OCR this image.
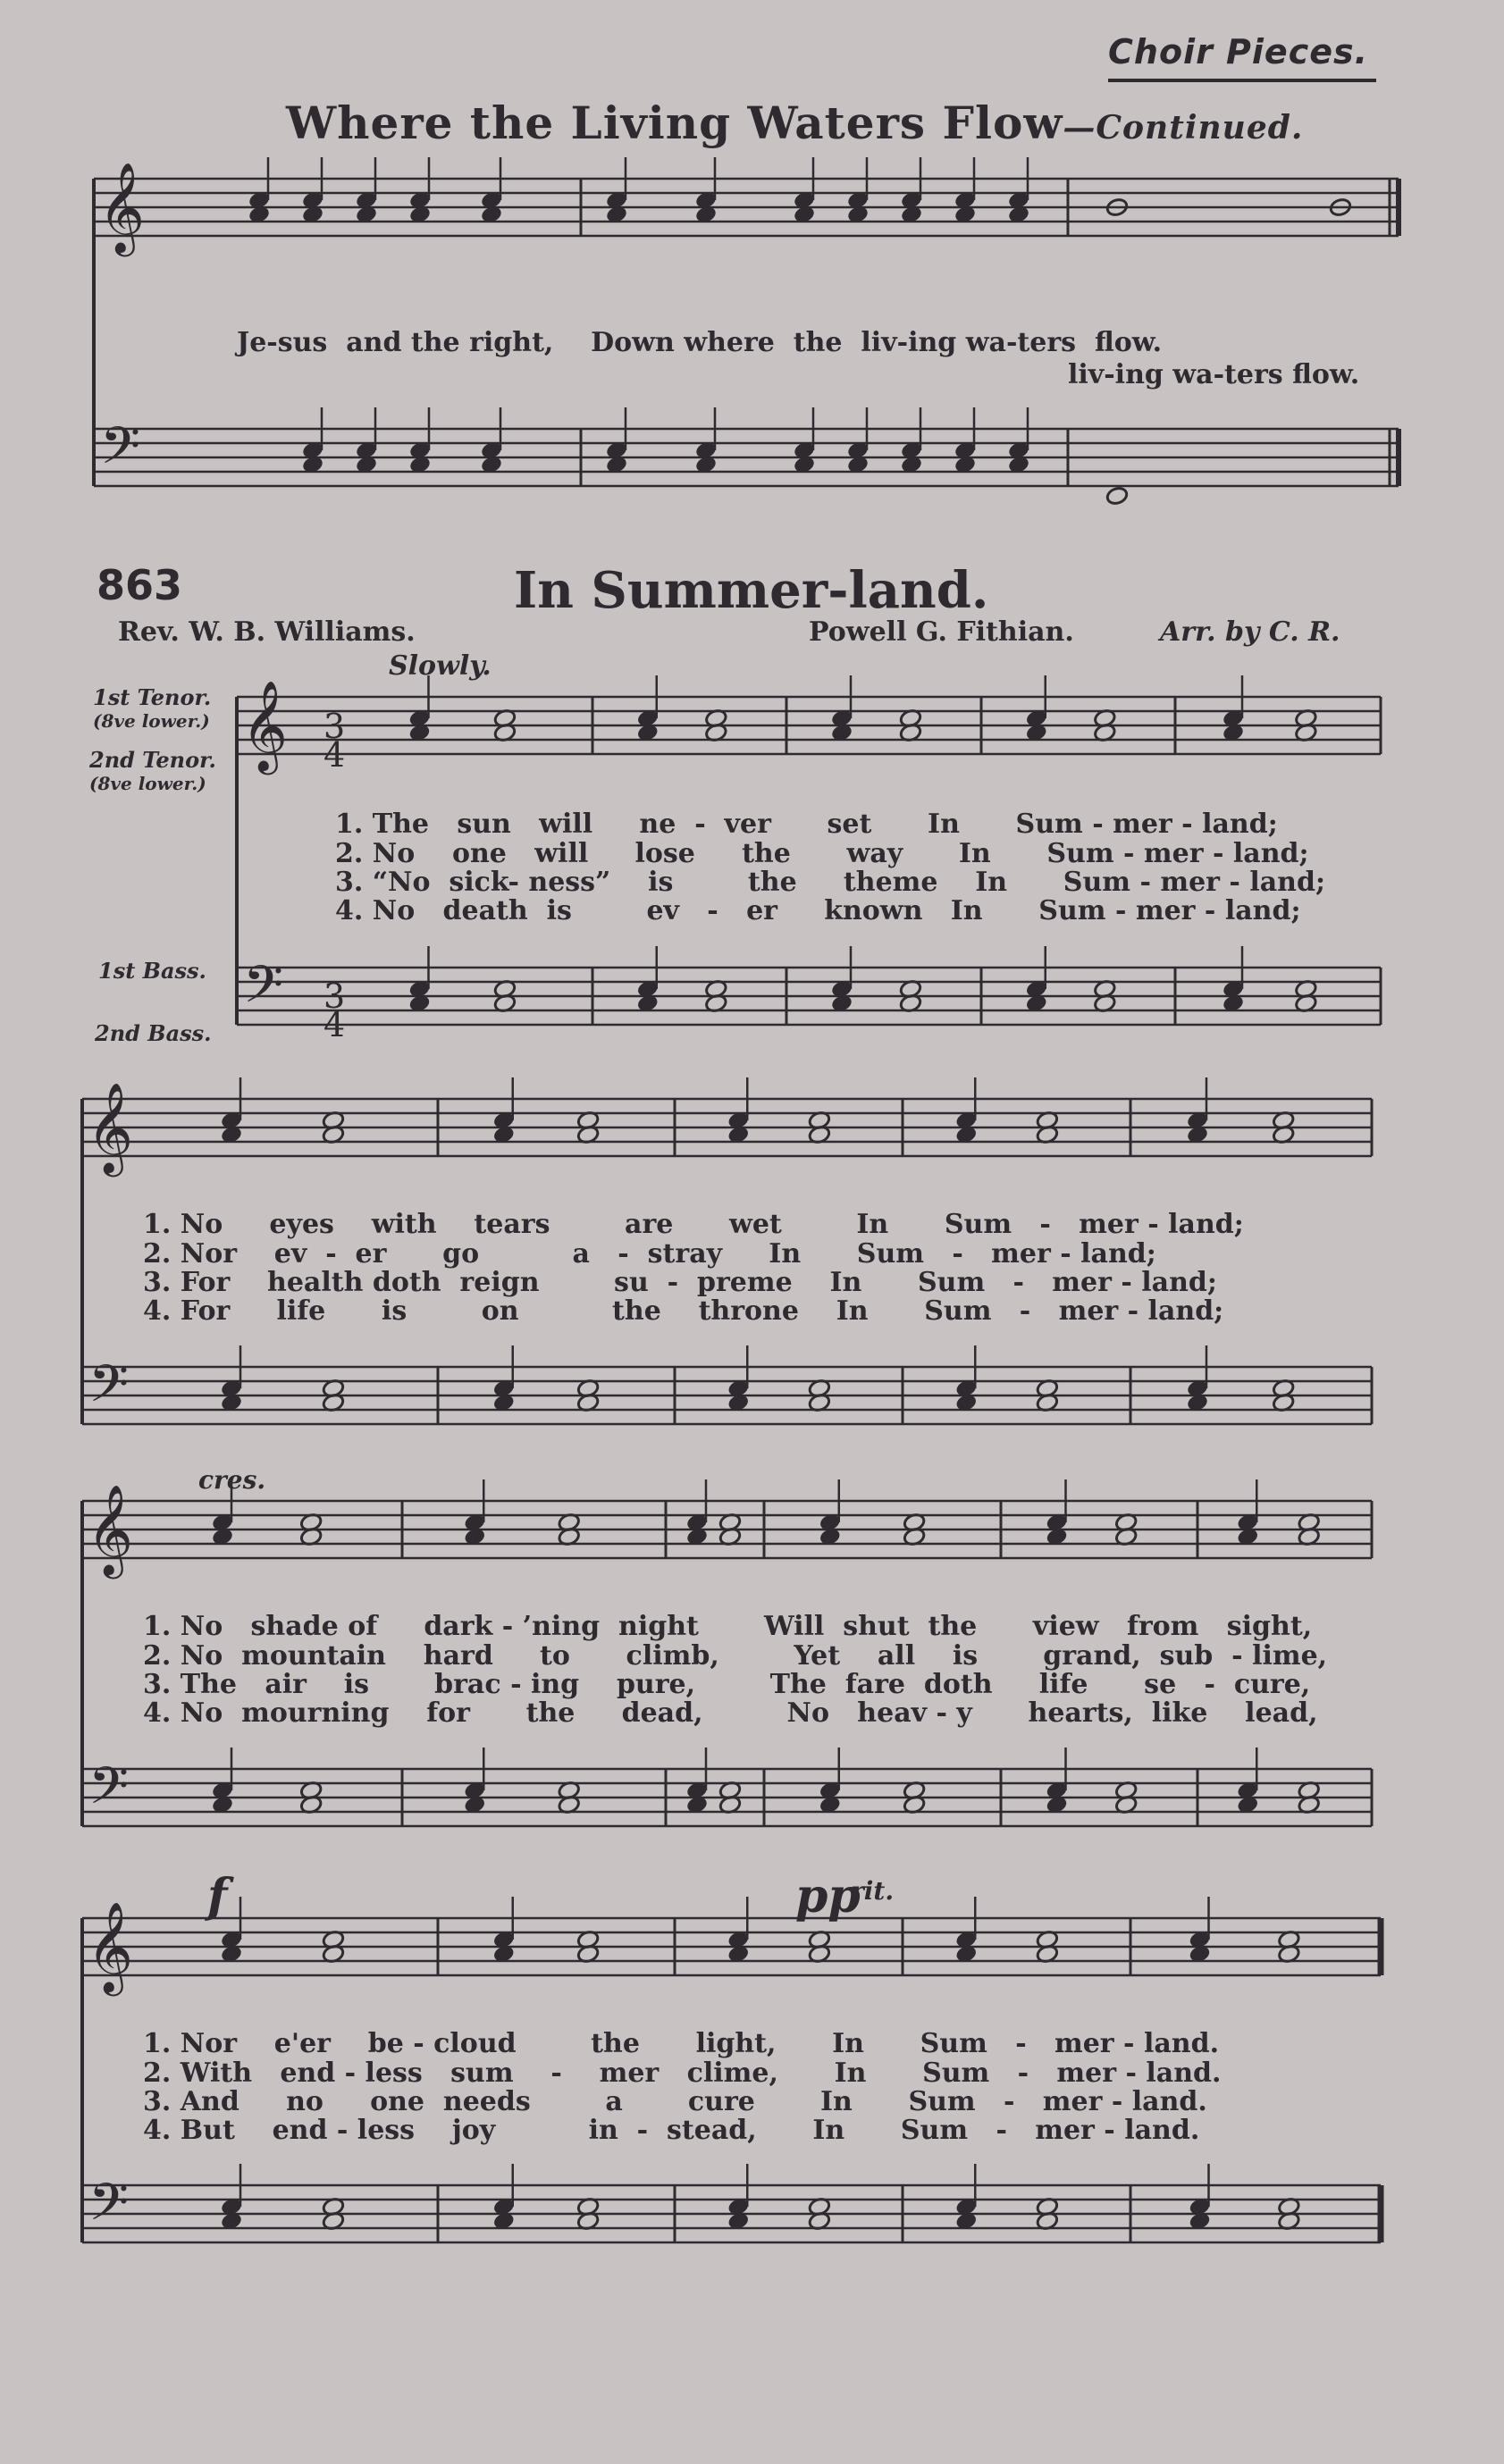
Choir Pieces.
Where the Living Waters Flow—Continued.
𝄞
𝄢
𝄞
𝄢
𝄞
𝄢
𝄞
𝄢
𝄞
𝄢
3
4
3
4
Je-sus  and the right,    Down where  the  liv-ing wa-ters  flow.
liv-ing wa-ters flow.
863	In Summer-land.
Rev. W. B. Williams.	Powell G. Fithian.	Arr. by C. R.
Slowly.
1st Tenor.
(8ve lower.)
2nd Tenor.
(8ve lower.)
1st Bass.
2nd Bass.
cres.
f	pp
rit.
1. The   sun   will     ne  -  ver      set      In      Sum - mer - land;
2. No    one   will     lose     the      way      In      Sum - mer - land;
3. “No  sick- ness”    is        the     theme    In      Sum - mer - land;
4. No   death  is        ev   -   er     known   In      Sum - mer - land;
1. No     eyes    with    tears        are      wet        In      Sum   -   mer - land;
2. Nor    ev  -  er      go          a   -  stray     In      Sum   -   mer - land;
3. For    health doth  reign        su  -  preme    In      Sum   -   mer - land;
4. For     life      is        on          the    throne    In      Sum   -   mer - land;
1. No   shade of     dark - ’ning  night       Will  shut  the      view   from   sight,
2. No  mountain    hard     to      climb,        Yet    all    is       grand,  sub  - lime,
3. The   air    is       brac - ing    pure,        The  fare  doth     life      se   -  cure,
4. No  mourning    for      the     dead,         No   heav - y      hearts,  like    lead,
1. Nor    e'er    be - cloud        the      light,      In      Sum   -   mer - land.
2. With   end - less   sum    -    mer   clime,      In      Sum   -   mer - land.
3. And     no     one  needs        a       cure       In      Sum   -   mer - land.
4. But    end - less    joy          in  -  stead,      In      Sum   -   mer - land.
